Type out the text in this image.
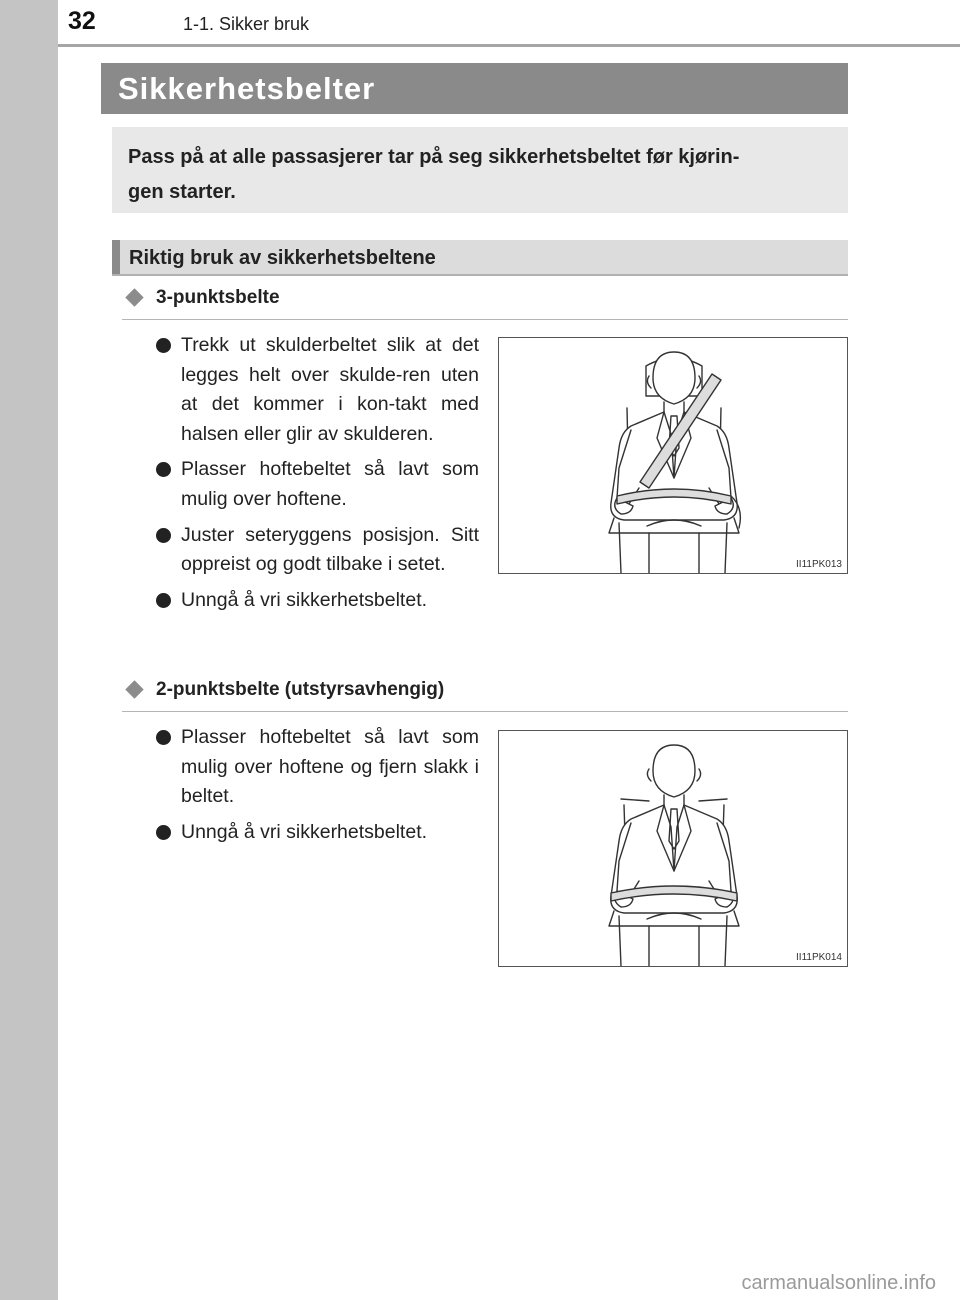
32	1-1. Sikker bruk
Sikkerhetsbelter
Pass på at alle passasjerer tar på seg sikkerhetsbeltet før kjørin-
gen starter.
Riktig bruk av sikkerhetsbeltene
3-punktsbelte
Trekk ut skulderbeltet slik at det legges helt over skulde-ren uten at det kommer i kon-takt med halsen eller glir av skulderen.
Plasser hoftebeltet så lavt som mulig over hoftene.
Juster seteryggens posisjon. Sitt oppreist og godt tilbake i setet.
Unngå å vri sikkerhetsbeltet.
II11PK013
2-punktsbelte (utstyrsavhengig)
Plasser hoftebeltet så lavt som mulig over hoftene og fjern slakk i beltet.
Unngå å vri sikkerhetsbeltet.
II11PK014
carmanualsonline.info
